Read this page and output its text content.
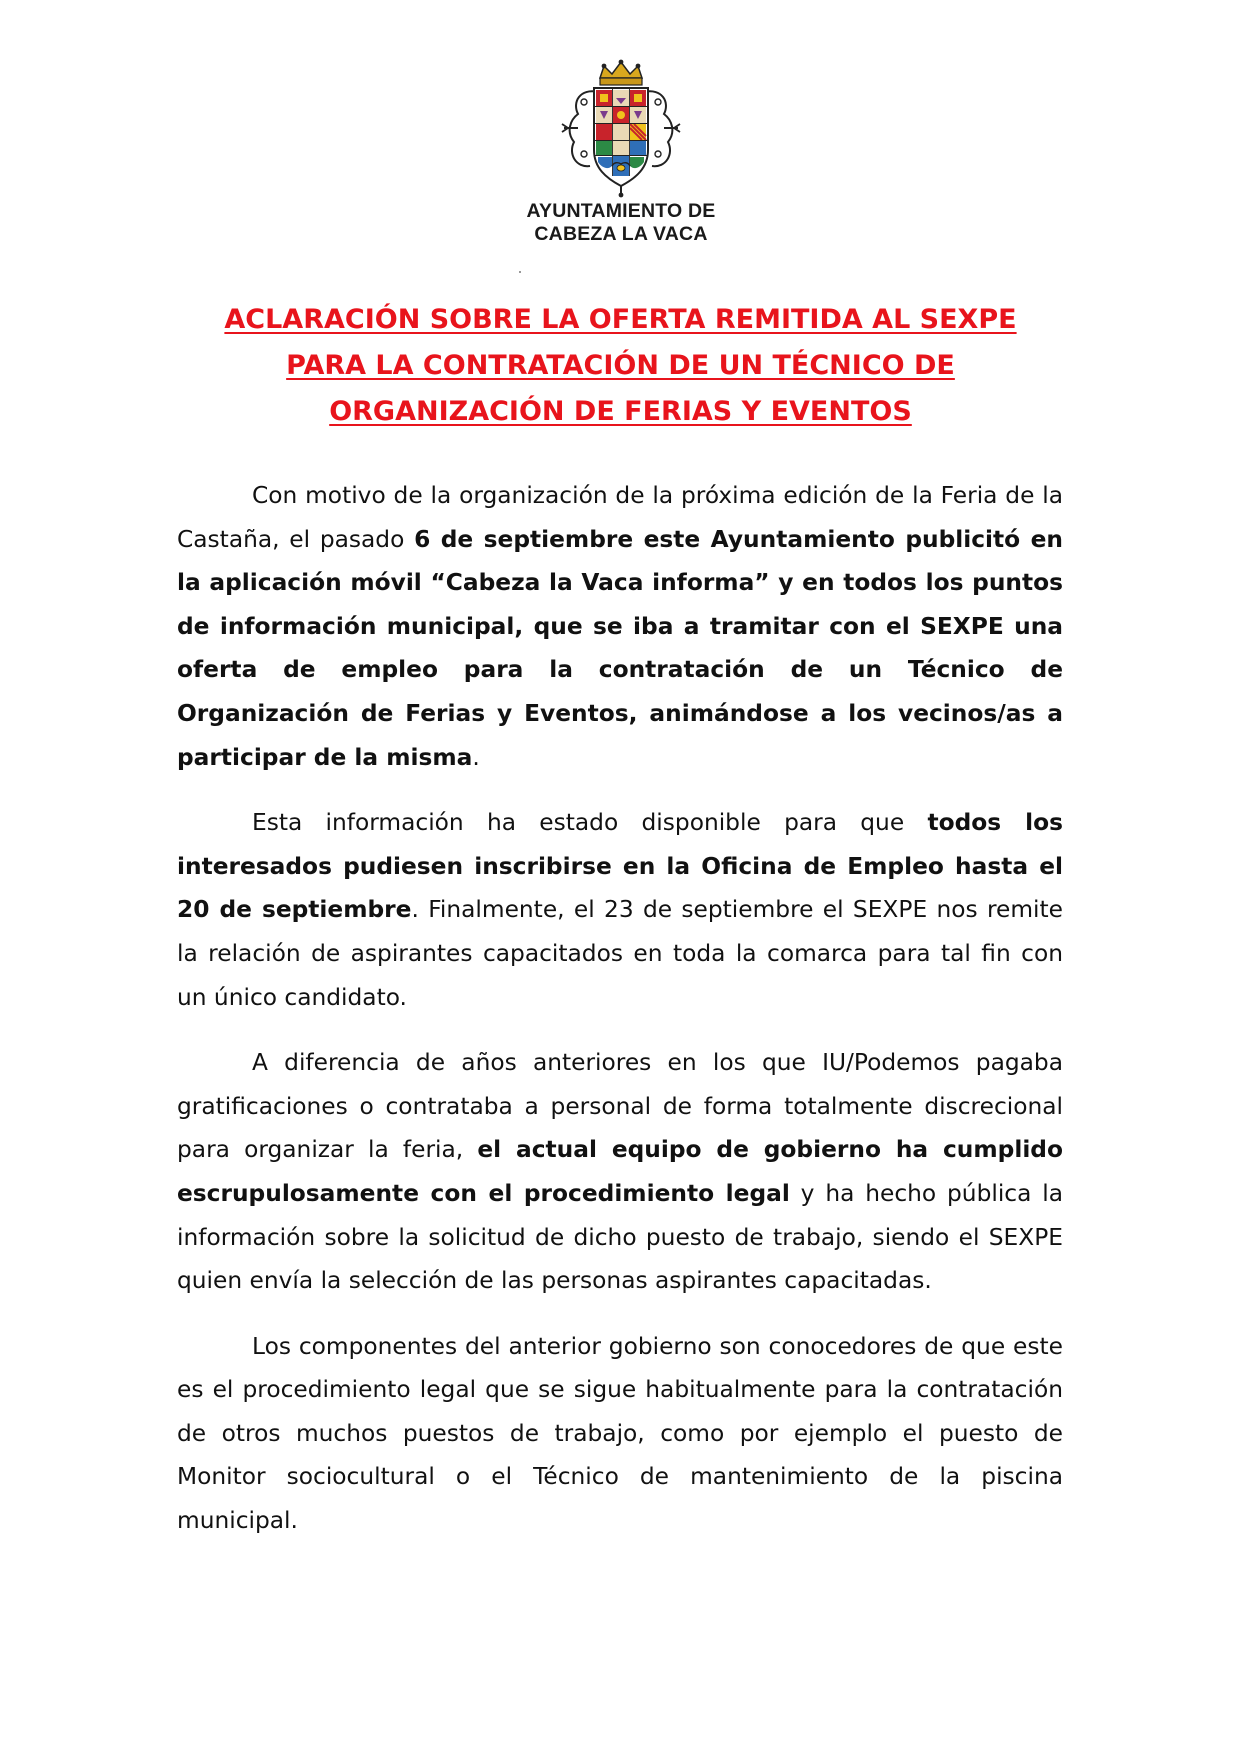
AYUNTAMIENTO DE
CABEZA LA VACA
ACLARACIÓN SOBRE LA OFERTA REMITIDA AL SEXPE
PARA LA CONTRATACIÓN DE UN TÉCNICO DE
ORGANIZACIÓN DE FERIAS Y EVENTOS

Con motivo de la organización de la próxima edición de la Feria de la Castaña, el pasado 6 de septiembre este Ayuntamiento publicitó en la aplicación móvil “Cabeza la Vaca informa” y en todos los puntos de información municipal, que se iba a tramitar con el SEXPE una oferta de empleo para la contratación de un Técnico de Organización de Ferias y Eventos, animándose a los vecinos/as a participar de la misma.

Esta información ha estado disponible para que todos los interesados pudiesen inscribirse en la Oficina de Empleo hasta el 20 de septiembre. Finalmente, el 23 de septiembre el SEXPE nos remite la relación de aspirantes capacitados en toda la comarca para tal fin con un único candidato.

A diferencia de años anteriores en los que IU/Podemos pagaba gratificaciones o contrataba a personal de forma totalmente discrecional para organizar la feria, el actual equipo de gobierno ha cumplido escrupulosamente con el procedimiento legal y ha hecho pública la información sobre la solicitud de dicho puesto de trabajo, siendo el SEXPE quien envía la selección de las personas aspirantes capacitadas.

Los componentes del anterior gobierno son conocedores de que este es el procedimiento legal que se sigue habitualmente para la contratación de otros muchos puestos de trabajo, como por ejemplo el puesto de Monitor sociocultural o el Técnico de mantenimiento de la piscina municipal.
